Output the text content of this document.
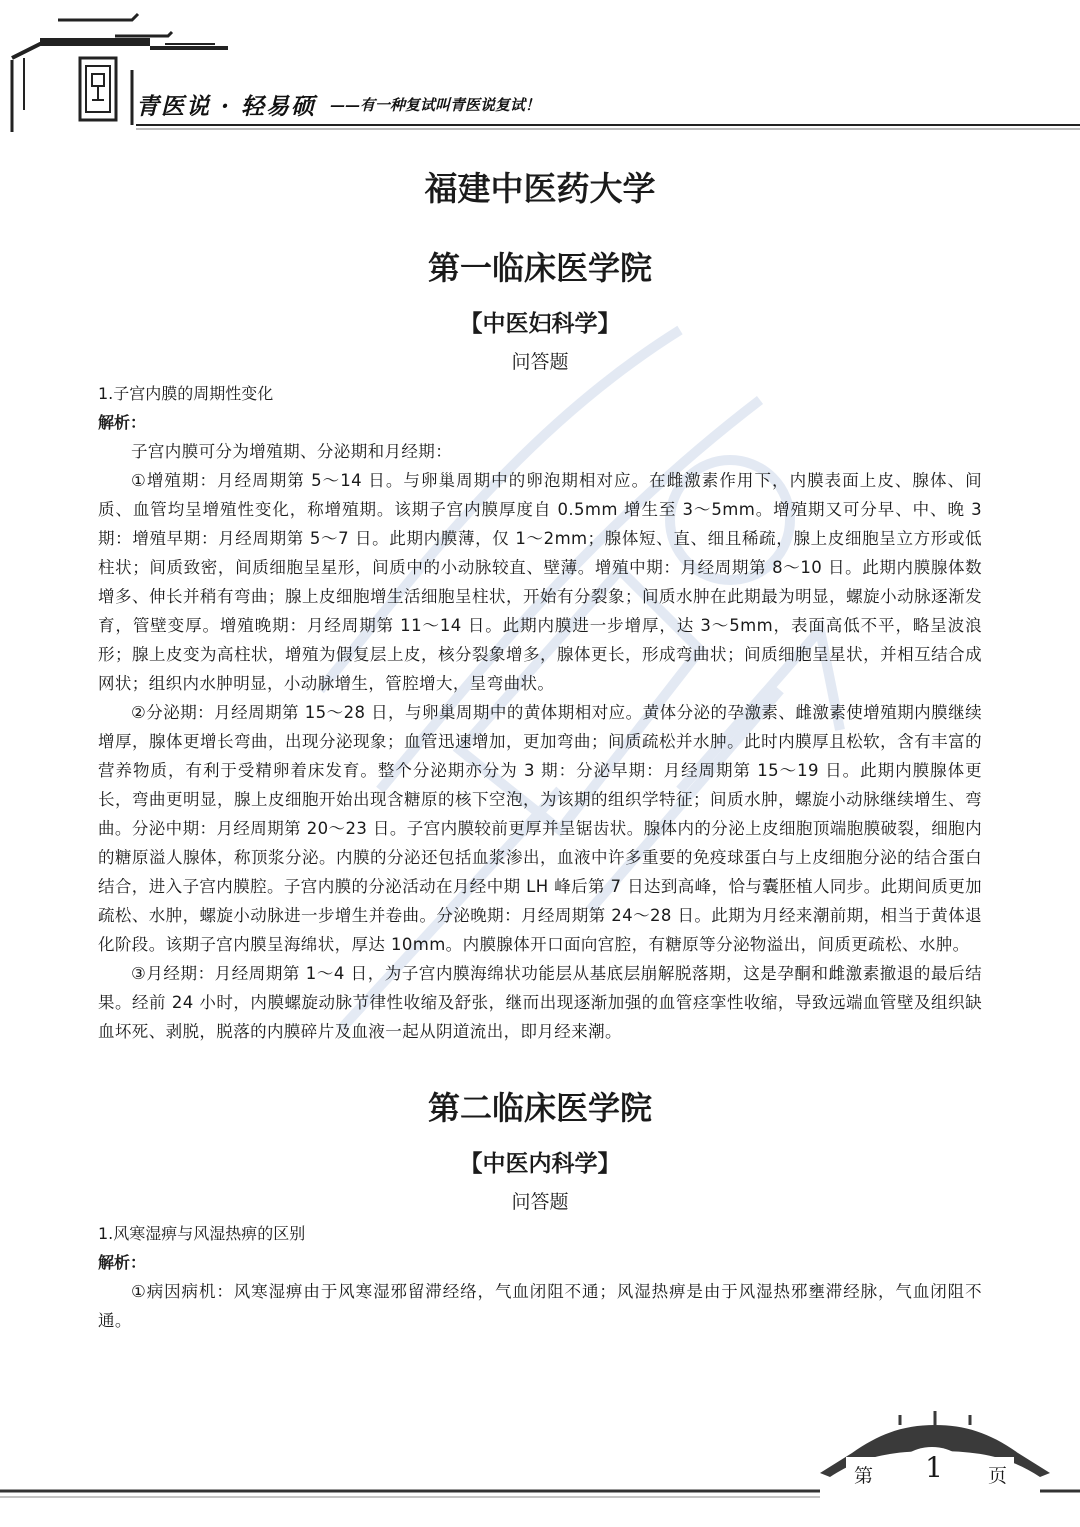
青医说 · 轻易硕 ——有一种复试叫青医说复试！
福建中医药大学
第一临床医学院
【中医妇科学】
问答题

1.子宫内膜的周期性变化

解析：

子宫内膜可分为增殖期、分泌期和月经期：

①增殖期：月经周期第 5～14 日。与卵巢周期中的卵泡期相对应。在雌激素作用下，内膜表面上皮、腺体、间质、血管均呈增殖性变化，称增殖期。该期子宫内膜厚度自 0.5mm 增生至 3～5mm。增殖期又可分早、中、晚 3 期：增殖早期：月经周期第 5～7 日。此期内膜薄，仅 1～2mm；腺体短、直、细且稀疏，腺上皮细胞呈立方形或低柱状；间质致密，间质细胞呈星形，间质中的小动脉较直、壁薄。增殖中期：月经周期第 8～10 日。此期内膜腺体数增多、伸长并稍有弯曲；腺上皮细胞增生活细胞呈柱状，开始有分裂象；间质水肿在此期最为明显，螺旋小动脉逐渐发育，管壁变厚。增殖晚期：月经周期第 11～14 日。此期内膜进一步增厚，达 3～5mm，表面高低不平，略呈波浪形；腺上皮变为高柱状，增殖为假复层上皮，核分裂象增多，腺体更长，形成弯曲状；间质细胞呈星状，并相互结合成网状；组织内水肿明显，小动脉增生，管腔增大，呈弯曲状。

②分泌期：月经周期第 15～28 日，与卵巢周期中的黄体期相对应。黄体分泌的孕激素、雌激素使增殖期内膜继续增厚，腺体更增长弯曲，出现分泌现象；血管迅速增加，更加弯曲；间质疏松并水肿。此时内膜厚且松软，含有丰富的营养物质，有利于受精卵着床发育。整个分泌期亦分为 3 期：分泌早期：月经周期第 15～19 日。此期内膜腺体更长，弯曲更明显，腺上皮细胞开始出现含糖原的核下空泡，为该期的组织学特征；间质水肿，螺旋小动脉继续增生、弯曲。分泌中期：月经周期第 20～23 日。子宫内膜较前更厚并呈锯齿状。腺体内的分泌上皮细胞顶端胞膜破裂，细胞内的糖原溢人腺体，称顶浆分泌。内膜的分泌还包括血浆渗出，血液中许多重要的免疫球蛋白与上皮细胞分泌的结合蛋白结合，进入子宫内膜腔。子宫内膜的分泌活动在月经中期 LH 峰后第 7 日达到高峰，恰与囊胚植人同步。此期间质更加疏松、水肿，螺旋小动脉进一步增生并卷曲。分泌晚期：月经周期第 24～28 日。此期为月经来潮前期，相当于黄体退化阶段。该期子宫内膜呈海绵状，厚达 10mm。内膜腺体开口面向宫腔，有糖原等分泌物溢出，间质更疏松、水肿。

③月经期：月经周期第 1～4 日，为子宫内膜海绵状功能层从基底层崩解脱落期，这是孕酮和雌激素撤退的最后结果。经前 24 小时，内膜螺旋动脉节律性收缩及舒张，继而出现逐渐加强的血管痉挛性收缩，导致远端血管壁及组织缺血坏死、剥脱，脱落的内膜碎片及血液一起从阴道流出，即月经来潮。

第二临床医学院
【中医内科学】
问答题

1.风寒湿痹与风湿热痹的区别

解析：

①病因病机：风寒湿痹由于风寒湿邪留滞经络，气血闭阻不通；风湿热痹是由于风湿热邪壅滞经脉，气血闭阻不通。

第	1	页
